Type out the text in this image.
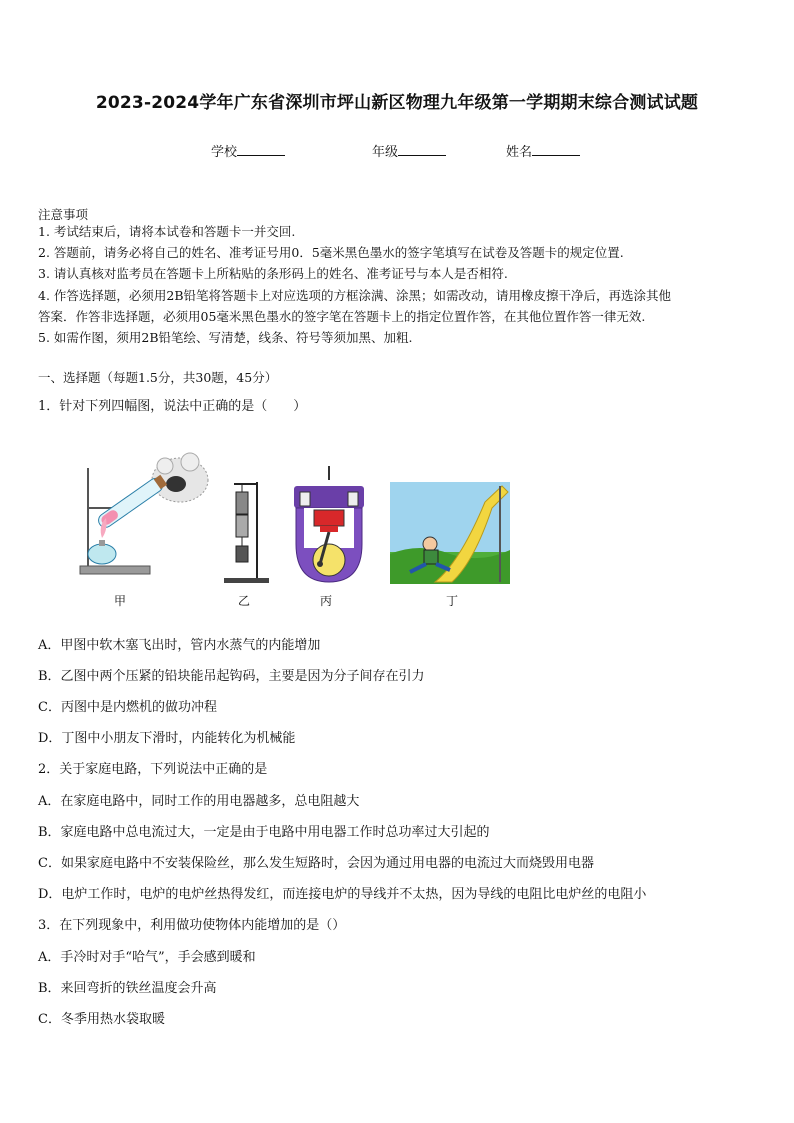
2023-2024学年广东省深圳市坪山新区物理九年级第一学期期末综合测试试题
学校	年级	姓名
注意事项
1. 考试结束后，请将本试卷和答题卡一并交回.
2. 答题前，请务必将自己的姓名、准考证号用0．5毫米黑色墨水的签字笔填写在试卷及答题卡的规定位置.
3. 请认真核对监考员在答题卡上所粘贴的条形码上的姓名、准考证号与本人是否相符.
4. 作答选择题，必须用2B铅笔将答题卡上对应选项的方框涂满、涂黑；如需改动，请用橡皮擦干净后，再选涂其他
答案．作答非选择题，必须用05毫米黑色墨水的签字笔在答题卡上的指定位置作答，在其他位置作答一律无效.
5. 如需作图，须用2B铅笔绘、写清楚，线条、符号等须加黑、加粗.
一、选择题（每题1.5分，共30题，45分）
1．针对下列四幅图，说法中正确的是（　　）
甲	乙	丙	丁
A．甲图中软木塞飞出时，管内水蒸气的内能增加
B．乙图中两个压紧的铅块能吊起钩码，主要是因为分子间存在引力
C．丙图中是内燃机的做功冲程
D．丁图中小朋友下滑时，内能转化为机械能
2．关于家庭电路，下列说法中正确的是
A．在家庭电路中，同时工作的用电器越多，总电阻越大
B．家庭电路中总电流过大，一定是由于电路中用电器工作时总功率过大引起的
C．如果家庭电路中不安装保险丝，那么发生短路时，会因为通过用电器的电流过大而烧毁用电器
D．电炉工作时，电炉的电炉丝热得发红，而连接电炉的导线并不太热，因为导线的电阻比电炉丝的电阻小
3．在下列现象中，利用做功使物体内能增加的是（）
A．手冷时对手“哈气”，手会感到暖和
B．来回弯折的铁丝温度会升高
C．冬季用热水袋取暖
